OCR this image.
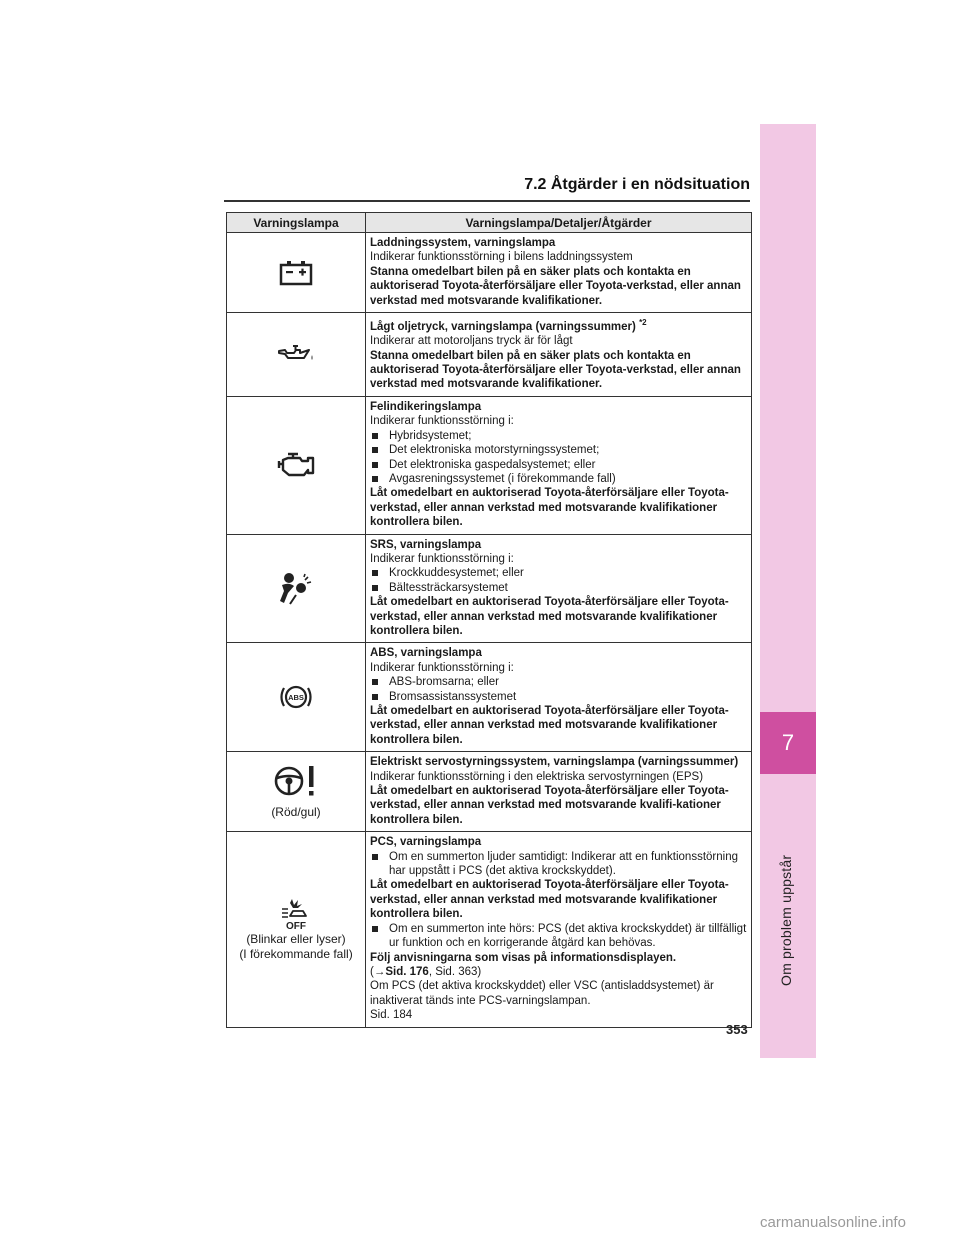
7
Om problem uppstår
7.2 Åtgärder i en nödsituation
Varningslampa	Varningslampa/Detaljer/Åtgärder
Laddningssystem, varningslampa
Indikerar funktionsstörning i bilens laddningssystem
Stanna omedelbart bilen på en säker plats och kontakta en auktoriserad Toyota-återförsäljare eller Toyota-verkstad, eller annan verkstad med motsvarande kvalifikationer.
Lågt oljetryck, varningslampa (varningssummer) $^{*2}$
Indikerar att motoroljans tryck är för lågt
Stanna omedelbart bilen på en säker plats och kontakta en auktoriserad Toyota-återförsäljare eller Toyota-verkstad, eller annan verkstad med motsvarande kvalifikationer.
Felindikeringslampa
Indikerar funktionsstörning i:
Hybridsystemet;
Det elektroniska motorstyrningssystemet;
Det elektroniska gaspedalsystemet; eller
Avgasreningssystemet (i förekommande fall)
Låt omedelbart en auktoriserad Toyota-återförsäljare eller Toyota-verkstad, eller annan verkstad med motsvarande kvalifikationer kontrollera bilen.
SRS, varningslampa
Indikerar funktionsstörning i:
Krockkuddesystemet; eller
Bältessträckarsystemet
Låt omedelbart en auktoriserad Toyota-återförsäljare eller Toyota-verkstad, eller annan verkstad med motsvarande kvalifikationer kontrollera bilen.
ABS
ABS, varningslampa
Indikerar funktionsstörning i:
ABS-bromsarna; eller
Bromsassistanssystemet
Låt omedelbart en auktoriserad Toyota-återförsäljare eller Toyota-verkstad, eller annan verkstad med motsvarande kvalifikationer kontrollera bilen.
(Röd/gul)
Elektriskt servostyrningssystem, varningslampa (varningssummer)
Indikerar funktionsstörning i den elektriska servostyrningen (EPS)
Låt omedelbart en auktoriserad Toyota-återförsäljare eller Toyota-verkstad, eller annan verkstad med motsvarande kvalifi-kationer kontrollera bilen.
OFF
(Blinkar eller lyser)
(I förekommande fall)
PCS, varningslampa
Om en summerton ljuder samtidigt: Indikerar att en funktionsstörning har uppstått i PCS (det aktiva krockskyddet).
Låt omedelbart en auktoriserad Toyota-återförsäljare eller Toyota-verkstad, eller annan verkstad med motsvarande kvalifikationer kontrollera bilen.
Om en summerton inte hörs: PCS (det aktiva krockskyddet) är tillfälligt ur funktion och en korrigerande åtgärd kan behövas.
Följ anvisningarna som visas på informationsdisplayen.
(→Sid. 176, Sid. 363)
Om PCS (det aktiva krockskyddet) eller VSC (antisladdsystemet) är inaktiverat tänds inte PCS-varningslampan.
Sid. 184
353
carmanualsonline.info
